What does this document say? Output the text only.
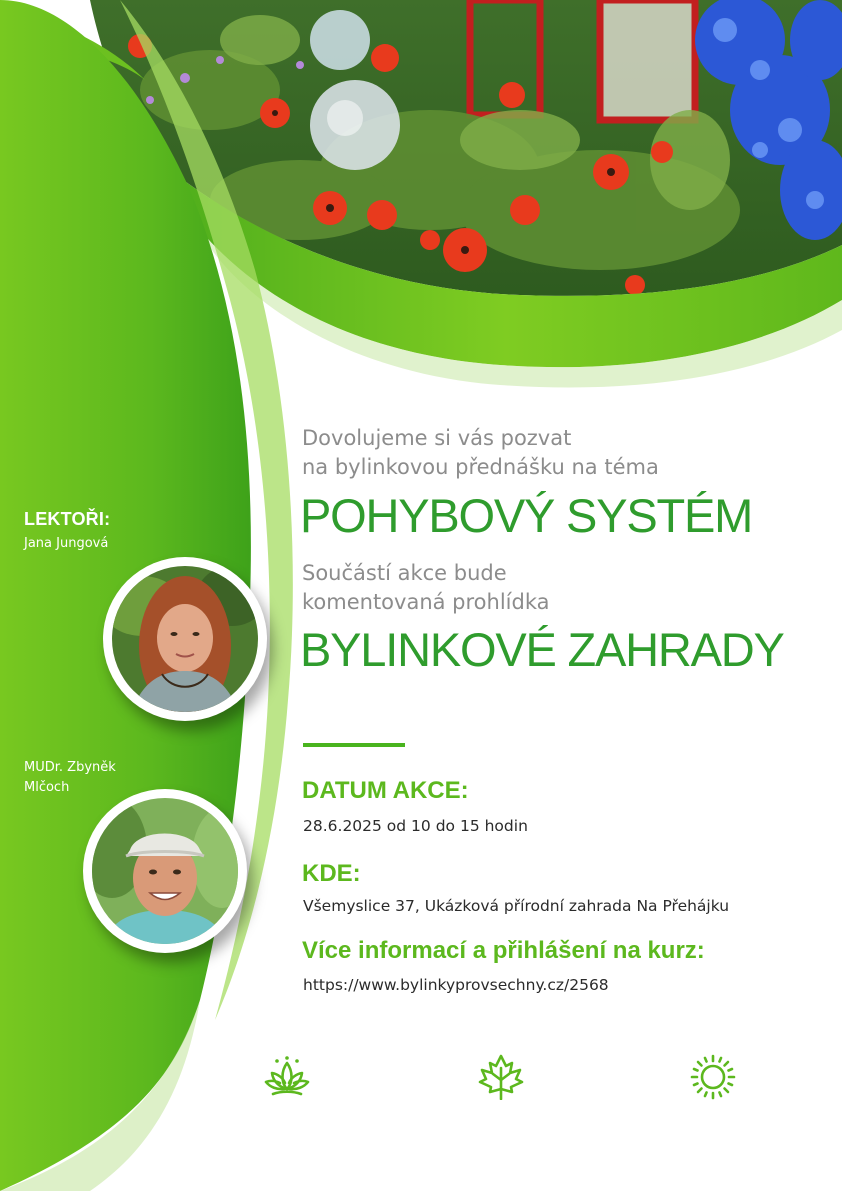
LEKTOŘI:
Jana Jungová
MUDr. Zbyněk
Mlčoch
Dovolujeme si vás pozvat
na bylinkovou přednášku na téma
POHYBOVÝ SYSTÉM
Součástí akce bude
komentovaná prohlídka
BYLINKOVÉ ZAHRADY
DATUM AKCE:
28.6.2025 od 10 do 15 hodin
KDE:
Všemyslice 37, Ukázková přírodní zahrada Na Přehájku
Více informací a přihlášení na kurz:
https://www.bylinkyprovsechny.cz/2568
